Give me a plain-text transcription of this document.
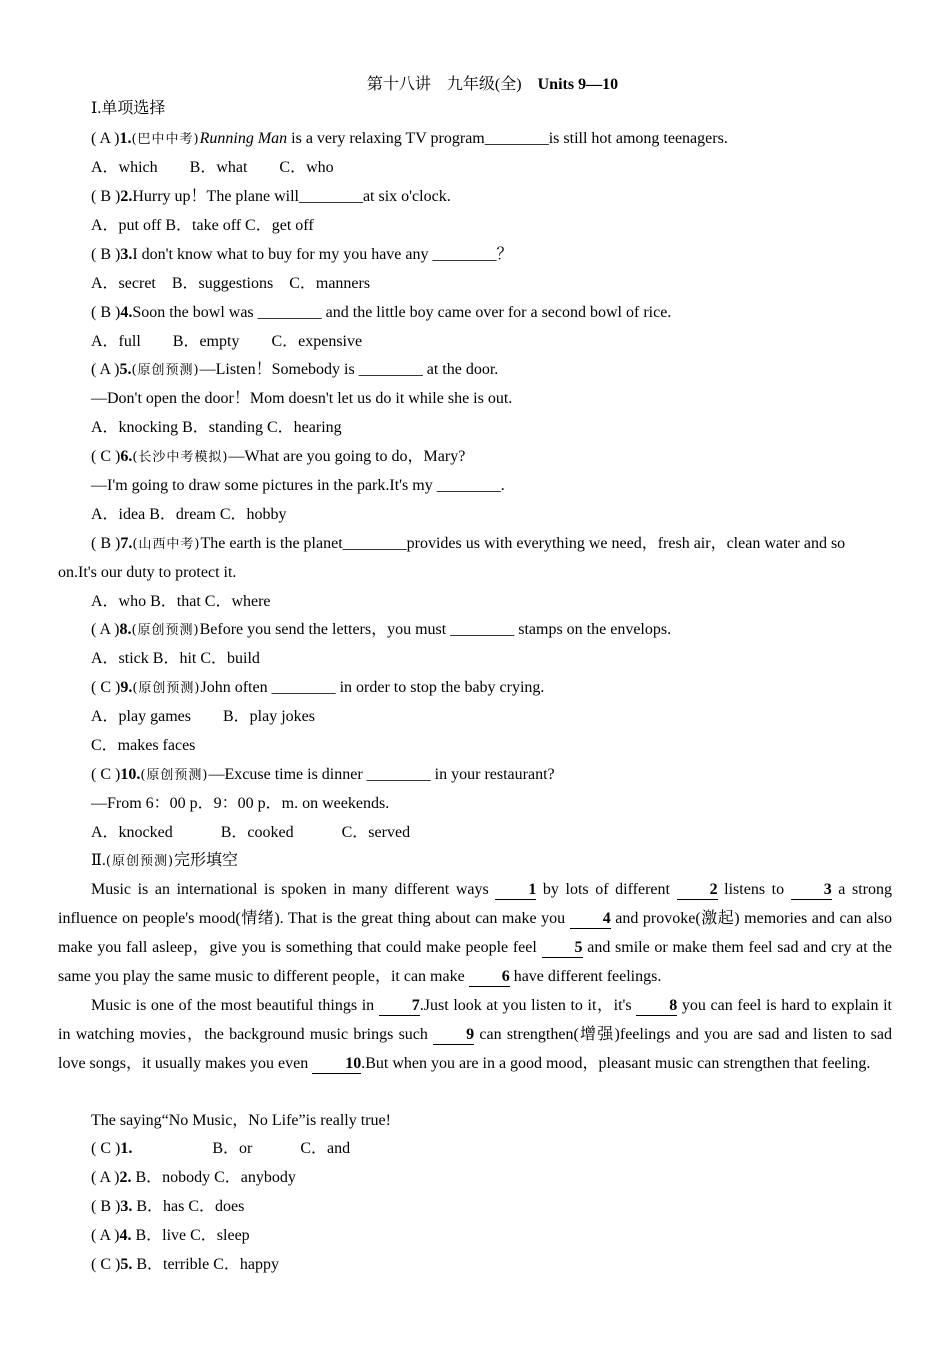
第十八讲　九年级(全)　 Units 9—10
Ⅰ.单项选择
( A )1.(巴中中考)Running Man is a very relaxing TV program________is still hot among teenagers.
A．which　　B．what　　C．who
( B )2.Hurry up！The plane will________at six o'clock.
A．put off B．take off C．get off
( B )3.I don't know what to buy for my you have any ________？
A．secret　B．suggestions　C．manners
( B )4.Soon the bowl was ________ and the little boy came over for a second bowl of rice.
A．full　　B．empty　　C．expensive
( A )5.(原创预测)—Listen！Somebody is ________ at the door.
—Don't open the door！Mom doesn't let us do it while she is out.
A．knocking B．standing C．hearing
( C )6.(长沙中考模拟)—What are you going to do，Mary?
—I'm going to draw some pictures in the park.It's my ________.
A．idea B．dream C．hobby
( B )7.(山西中考)The earth is the planet________provides us with everything we need，fresh air，clean water and so
on.It's our duty to protect it.
A．who B．that C．where
( A )8.(原创预测)Before you send the letters，you must ________ stamps on the envelops.
A．stick B．hit C．build
( C )9.(原创预测)John often ________ in order to stop the baby crying.
A．play games　　B．play jokes
C．makes faces
( C )10.(原创预测)—Excuse time is dinner ________ in your restaurant?
—From 6：00 p．9：00 p．m. on weekends.
A．knocked　　　B．cooked　　　C．served
Ⅱ.(原创预测)完形填空
Music is an international is spoken in many different ways 1 by lots of different 2 listens to 3 a strong influence on people's mood(情绪). That is the great thing about can make you 4 and provoke(激起) memories and can also make you fall asleep，give you is something that could make people feel 5 and smile or make them feel sad and cry at the same you play the same music to different people，it can make 6 have different feelings.
Music is one of the most beautiful things in 7.Just look at you listen to it，it's 8 you can feel is hard to explain it in watching movies，the background music brings such 9 can strengthen(增强)feelings and you are sad and listen to sad love songs，it usually makes you even 10.But when you are in a good mood，pleasant music can strengthen that feeling.
The saying“No Music，No Life”is really true!
( C )1.	B．or　　　C．and
( A )2. B．nobody C．anybody
( B )3. B．has C．does
( A )4. B．live C．sleep
( C )5. B．terrible C．happy
